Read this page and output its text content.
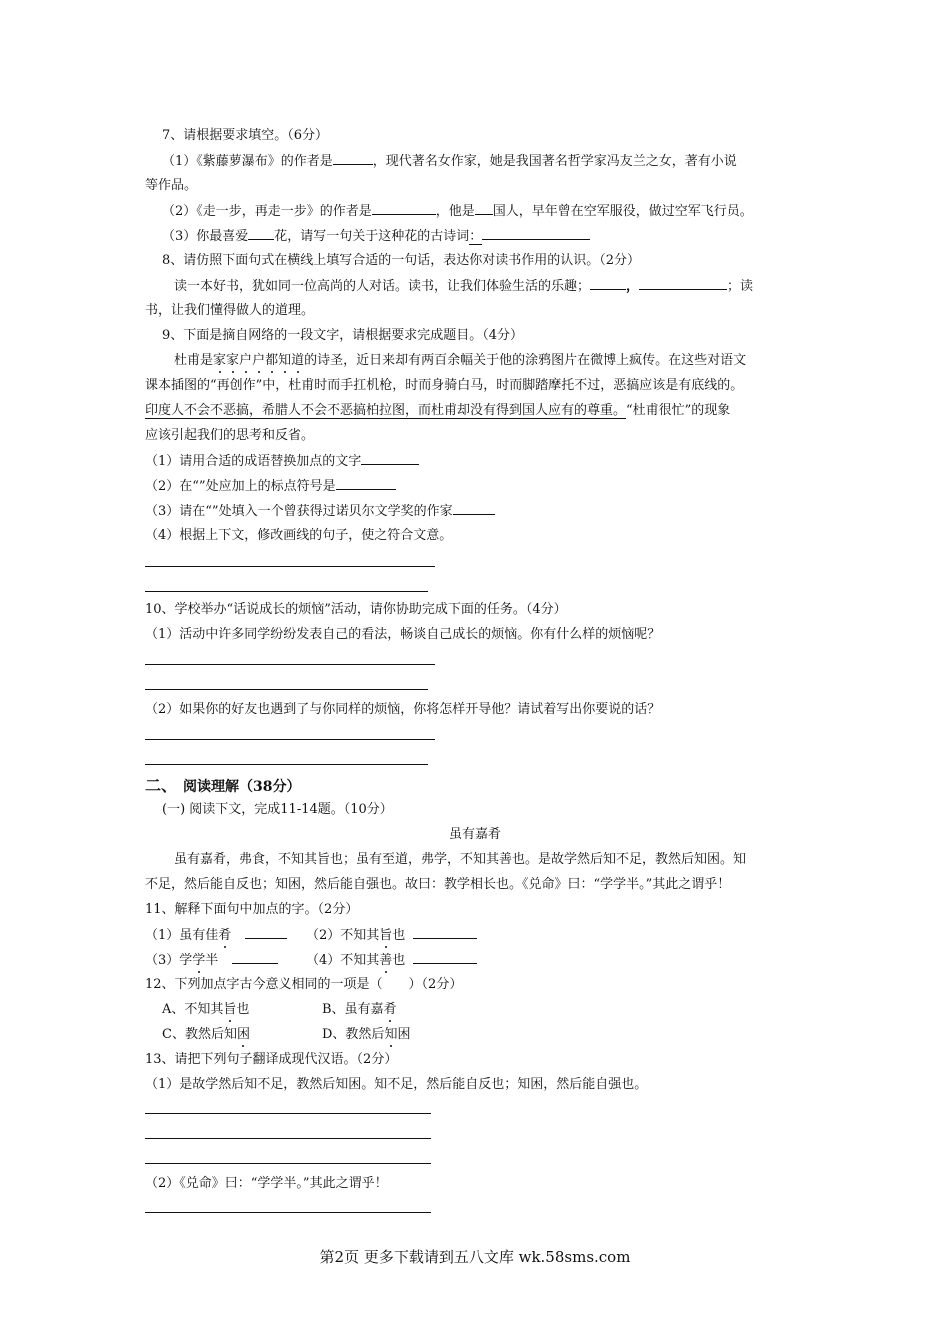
7、请根据要求填空。（6分）
（1）《紫藤萝瀑布》的作者是	，现代著名女作家，她是我国著名哲学家冯友兰之女，著有小说
等作品。
（2）《走一步，再走一步》的作者是	，他是 国人，早年曾在空军服役，做过空军飞行员。
（3）你最喜爱 花，请写一句关于这种花的古诗词：
8、请仿照下面句式在横线上填写合适的一句话，表达你对读书作用的认识。（2分）
读一本好书，犹如同一位高尚的人对话。读书，让我们体验生活的乐趣；	，	；读
书，让我们懂得做人的道理。
9、下面是摘自网络的一段文字，请根据要求完成题目。（4分）
杜甫是家家户户都知道的诗圣，近日来却有两百余幅关于他的涂鸦图片在微博上疯传。在这些对语文
课本插图的“再创作”中，杜甫时而手扛机枪，时而身骑白马，时而脚踏摩托不过，恶搞应该是有底线的。
印度人不会不恶搞，希腊人不会不恶搞柏拉图，而杜甫却没有得到国人应有的尊重。“杜甫很忙”的现象
应该引起我们的思考和反省。
（1）请用合适的成语替换加点的文字
（2）在“”处应加上的标点符号是
（3）请在“”处填入一个曾获得过诺贝尔文学奖的作家
（4）根据上下文，修改画线的句子，使之符合文意。
10、学校举办“话说成长的烦恼”活动，请你协助完成下面的任务。（4分）
（1）活动中许多同学纷纷发表自己的看法，畅谈自己成长的烦恼。你有什么样的烦恼呢？
（2）如果你的好友也遇到了与你同样的烦恼，你将怎样开导他？请试着写出你要说的话？
二、 阅读理解（38分）
(一) 阅读下文，完成11-14题。（10分）
虽有嘉肴
虽有嘉肴，弗食，不知其旨也；虽有至道，弗学，不知其善也。是故学然后知不足，教然后知困。知
不足，然后能自反也；知困，然后能自强也。故曰：教学相长也。《兑命》曰：“学学半。”其此之谓乎！
11、解释下面句中加点的字。（2分）
（1）虽有佳肴	（2）不知其旨也
（3）学学半	（4）不知其善也
12、下列加点字古今意义相同的一项是（　　）（2分）
A、不知其旨也	B、虽有嘉肴
C、教然后知困	D、教然后知困
13、请把下列句子翻译成现代汉语。（2分）
（1）是故学然后知不足，教然后知困。知不足，然后能自反也；知困，然后能自强也。
（2）《兑命》曰：“学学半。”其此之谓乎！
第2页 更多下载请到五八文库 wk.58sms.com
